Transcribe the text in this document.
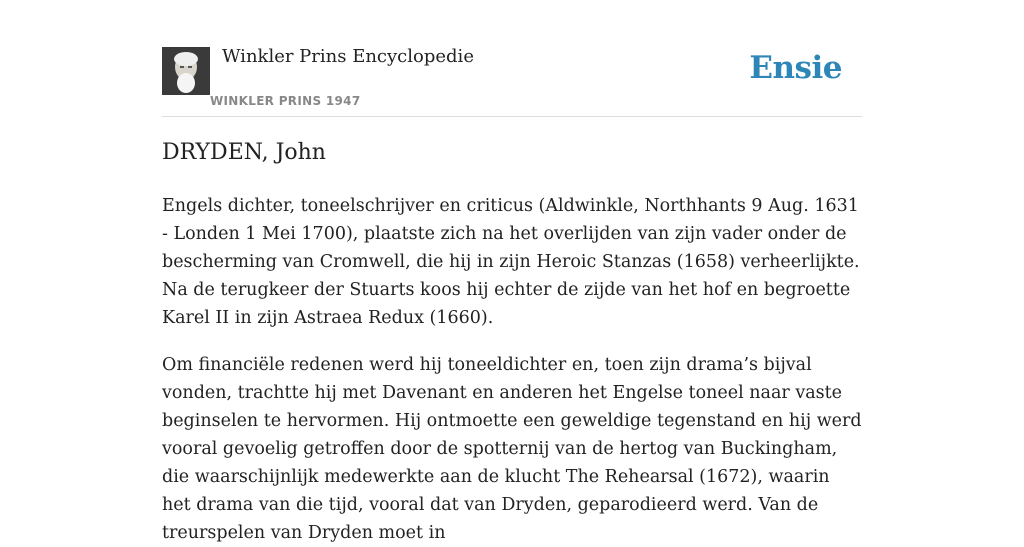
Winkler Prins Encyclopedie
WINKLER PRINS 1947
Ensie
DRYDEN, John

Engels dichter, toneelschrijver en criticus (Aldwinkle, Northhants 9 Aug. 1631 - Londen 1 Mei 1700), plaatste zich na het overlijden van zijn vader onder de bescherming van Cromwell, die hij in zijn Heroic Stanzas (1658) verheerlijkte. Na de terugkeer der Stuarts koos hij echter de zijde van het hof en begroette Karel II in zijn Astraea Redux (1660).

Om financiële redenen werd hij toneeldichter en, toen zijn drama’s bijval vonden, trachtte hij met Davenant en anderen het Engelse toneel naar vaste beginselen te hervormen. Hij ontmoette een geweldige tegenstand en hij werd vooral gevoelig getroffen door de spotternij van de hertog van Buckingham, die waarschijnlijk medewerkte aan de klucht The Rehearsal (1672), waarin het drama van die tijd, vooral dat van Dryden, geparodieerd werd. Van de treurspelen van Dryden moet in
